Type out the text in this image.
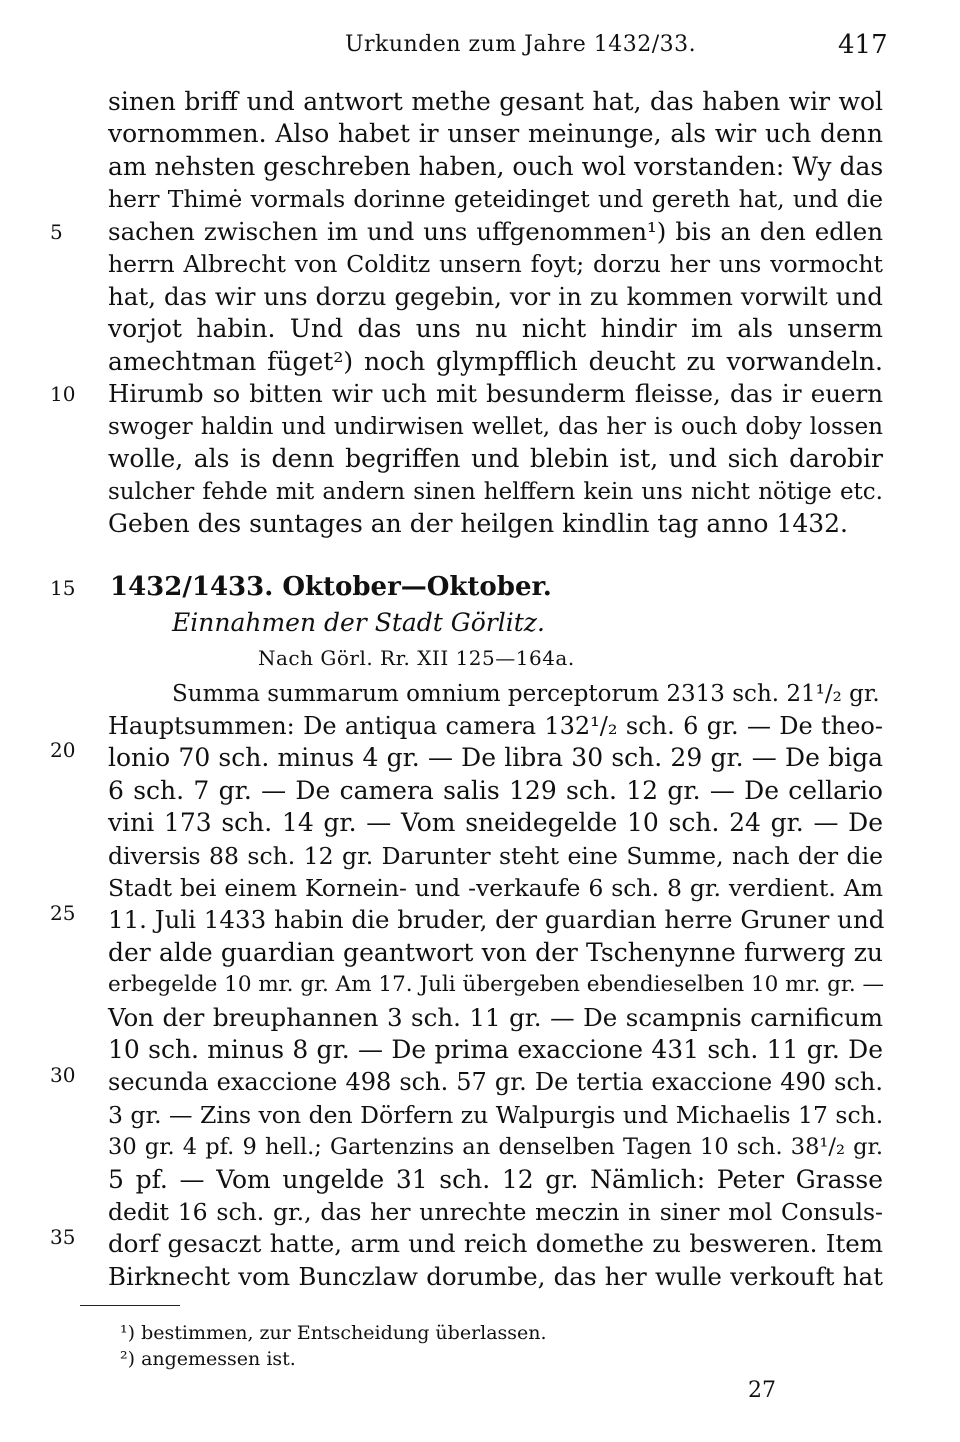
Urkunden zum Jahre 1432/33.	417
sinen briff und antwort methe gesant hat, das haben wir wol
vornommen. Also habet ir unser meinunge, als wir uch denn
am nehsten geschreben haben, ouch wol vorstanden: Wy das
herr Thimė vormals dorinne geteidinget und gereth hat, und die
sachen zwischen im und uns uffgenommen¹) bis an den edlen
herrn Albrecht von Colditz unsern foyt; dorzu her uns vormocht
hat, das wir uns dorzu gegebin, vor in zu kommen vorwilt und
vorjot habin. Und das uns nu nicht hindir im als unserm
amechtman füget²) noch glympfflich deucht zu vorwandeln.
Hirumb so bitten wir uch mit besunderm fleisse, das ir euern
swoger haldin und undirwisen wellet, das her is ouch doby lossen
wolle, als is denn begriffen und blebin ist, und sich darobir
sulcher fehde mit andern sinen helffern kein uns nicht nötige etc.
Geben des suntages an der heilgen kindlin tag anno 1432.
5
10
15
20
25
30
35
1432/1433. Oktober—Oktober.
Einnahmen der Stadt Görlitz.
Nach Görl. Rr. XII 125—164a.
Summa summarum omnium perceptorum 2313 sch. 21¹/₂ gr.
Hauptsummen: De antiqua camera 132¹/₂ sch. 6 gr. — De theo-
lonio 70 sch. minus 4 gr. — De libra 30 sch. 29 gr. — De biga
6 sch. 7 gr. — De camera salis 129 sch. 12 gr. — De cellario
vini 173 sch. 14 gr. — Vom sneidegelde 10 sch. 24 gr. — De
diversis 88 sch. 12 gr. Darunter steht eine Summe, nach der die
Stadt bei einem Kornein- und -verkaufe 6 sch. 8 gr. verdient. Am
11. Juli 1433 habin die bruder, der guardian herre Gruner und
der alde guardian geantwort von der Tschenynne furwerg zu
erbegelde 10 mr. gr. Am 17. Juli übergeben ebendieselben 10 mr. gr. —
Von der breuphannen 3 sch. 11 gr. — De scampnis carnificum
10 sch. minus 8 gr. — De prima exaccione 431 sch. 11 gr. De
secunda exaccione 498 sch. 57 gr. De tertia exaccione 490 sch.
3 gr. — Zins von den Dörfern zu Walpurgis und Michaelis 17 sch.
30 gr. 4 pf. 9 hell.; Gartenzins an denselben Tagen 10 sch. 38¹/₂ gr.
5 pf. — Vom ungelde 31 sch. 12 gr. Nämlich: Peter Grasse
dedit 16 sch. gr., das her unrechte meczin in siner mol Consuls-
dorf gesaczt hatte, arm und reich domethe zu besweren. Item
Birknecht vom Bunczlaw dorumbe, das her wulle verkouft hat
¹) bestimmen, zur Entscheidung überlassen.
²) angemessen ist.
27
